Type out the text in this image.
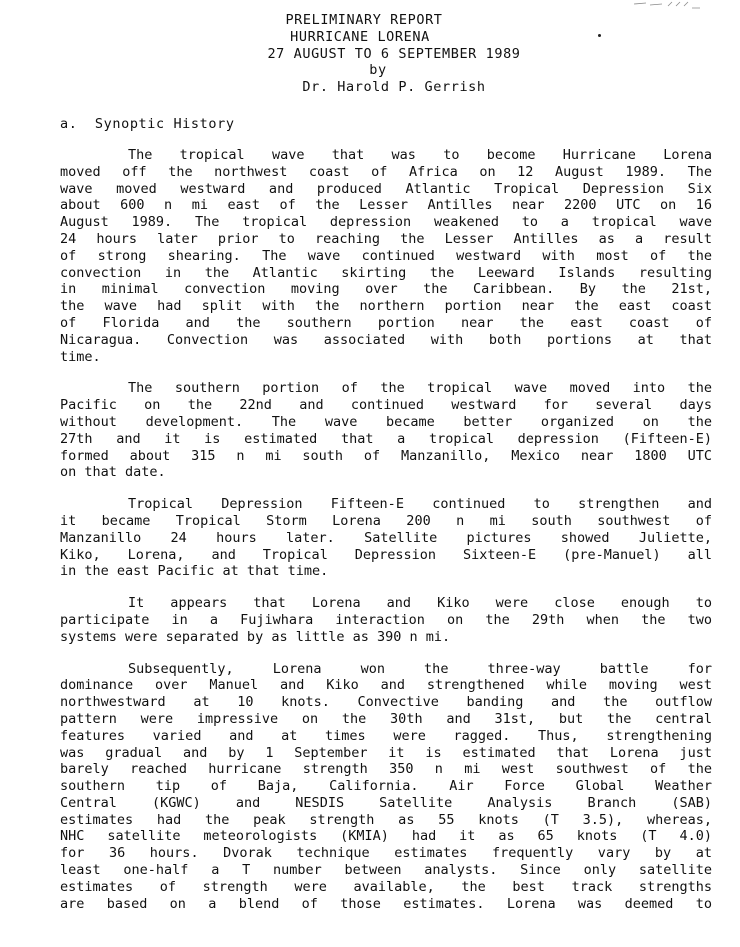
PRELIMINARY REPORT
HURRICANE LORENA
27 AUGUST TO 6 SEPTEMBER 1989
by
Dr. Harold P. Gerrish
a.  Synoptic History
The tropical wave that was to become Hurricane Lorena
moved off the northwest coast of Africa on 12 August 1989. The
wave moved westward and produced Atlantic Tropical Depression Six
about 600 n mi east of the Lesser Antilles near 2200 UTC on 16
August 1989. The tropical depression weakened to a tropical wave
24 hours later prior to reaching the Lesser Antilles as a result
of strong shearing. The wave continued westward with most of the
convection in the Atlantic skirting the Leeward Islands resulting
in minimal convection moving over the Caribbean. By the 21st,
the wave had split with the northern portion near the east coast
of Florida and the southern portion near the east coast of
Nicaragua. Convection was associated with both portions at that
time.
The southern portion of the tropical wave moved into the
Pacific on the 22nd and continued westward for several days
without development. The wave became better organized on the
27th and it is estimated that a tropical depression (Fifteen-E)
formed about 315 n mi south of Manzanillo, Mexico near 1800 UTC
on that date.
Tropical Depression Fifteen-E continued to strengthen and
it became Tropical Storm Lorena 200 n mi south southwest of
Manzanillo 24 hours later. Satellite pictures showed Juliette,
Kiko, Lorena, and Tropical Depression Sixteen-E (pre-Manuel) all
in the east Pacific at that time.
It appears that Lorena and Kiko were close enough to
participate in a Fujiwhara interaction on the 29th when the two
systems were separated by as little as 390 n mi.
Subsequently, Lorena won the three-way battle for
dominance over Manuel and Kiko and strengthened while moving west
northwestward at 10 knots. Convective banding and the outflow
pattern were impressive on the 30th and 31st, but the central
features varied and at times were ragged. Thus, strengthening
was gradual and by 1 September it is estimated that Lorena just
barely reached hurricane strength 350 n mi west southwest of the
southern tip of Baja, California. Air Force Global Weather
Central (KGWC) and NESDIS Satellite Analysis Branch (SAB)
estimates had the peak strength as 55 knots (T 3.5), whereas,
NHC satellite meteorologists (KMIA) had it as 65 knots (T 4.0)
for 36 hours. Dvorak technique estimates frequently vary by at
least one-half a T number between analysts. Since only satellite
estimates of strength were available, the best track strengths
are based on a blend of those estimates. Lorena was deemed to
